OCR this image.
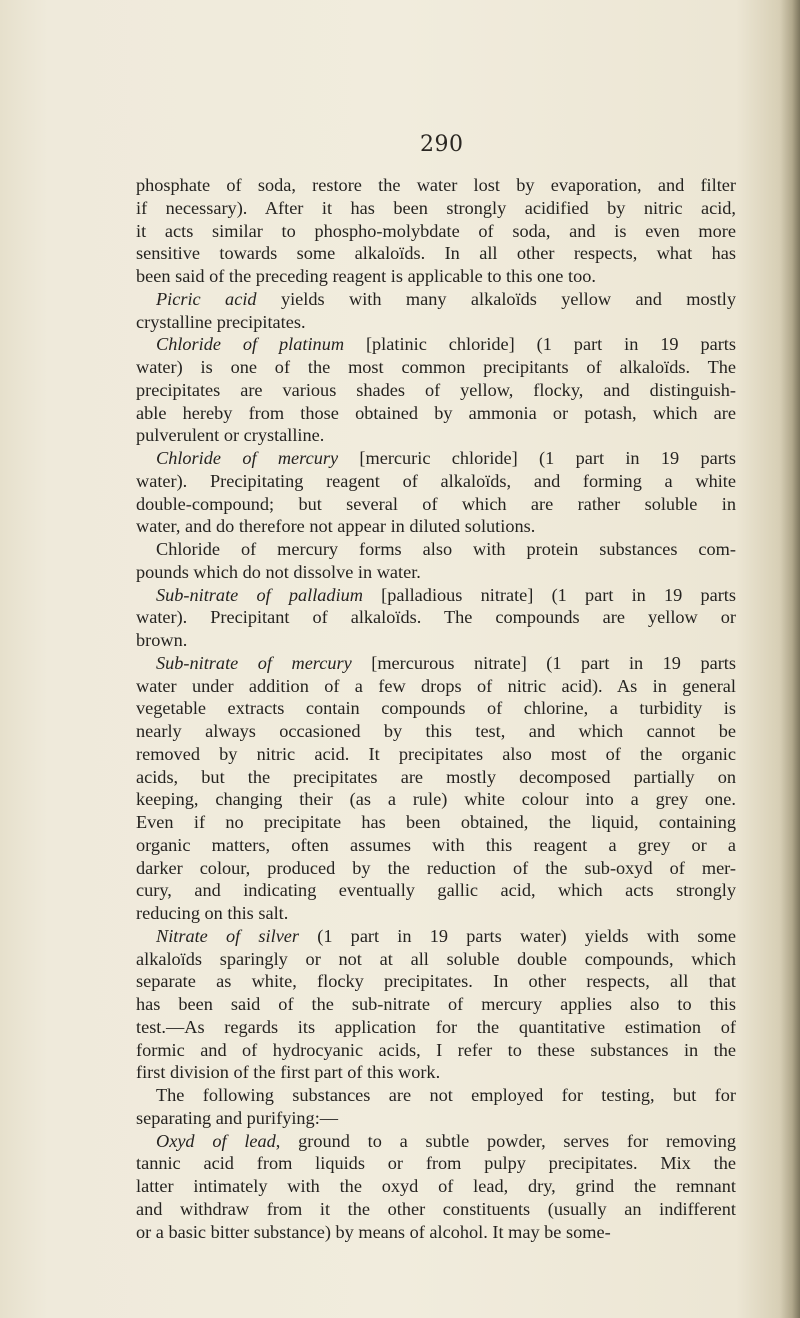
290
phosphate of soda, restore the water lost by evaporation, and filter
if necessary). After it has been strongly acidified by nitric acid,
it acts similar to phospho-molybdate of soda, and is even more
sensitive towards some alkaloïds. In all other respects, what has
been said of the preceding reagent is applicable to this one too.
Picric acid yields with many alkaloïds yellow and mostly
crystalline precipitates.
Chloride of platinum [platinic chloride] (1 part in 19 parts
water) is one of the most common precipitants of alkaloïds. The
precipitates are various shades of yellow, flocky, and distinguish-
able hereby from those obtained by ammonia or potash, which are
pulverulent or crystalline.
Chloride of mercury [mercuric chloride] (1 part in 19 parts
water). Precipitating reagent of alkaloïds, and forming a white
double-compound; but several of which are rather soluble in
water, and do therefore not appear in diluted solutions.
Chloride of mercury forms also with protein substances com-
pounds which do not dissolve in water.
Sub-nitrate of palladium [palladious nitrate] (1 part in 19 parts
water). Precipitant of alkaloïds. The compounds are yellow or
brown.
Sub-nitrate of mercury [mercurous nitrate] (1 part in 19 parts
water under addition of a few drops of nitric acid). As in general
vegetable extracts contain compounds of chlorine, a turbidity is
nearly always occasioned by this test, and which cannot be
removed by nitric acid. It precipitates also most of the organic
acids, but the precipitates are mostly decomposed partially on
keeping, changing their (as a rule) white colour into a grey one.
Even if no precipitate has been obtained, the liquid, containing
organic matters, often assumes with this reagent a grey or a
darker colour, produced by the reduction of the sub-oxyd of mer-
cury, and indicating eventually gallic acid, which acts strongly
reducing on this salt.
Nitrate of silver (1 part in 19 parts water) yields with some
alkaloïds sparingly or not at all soluble double compounds, which
separate as white, flocky precipitates. In other respects, all that
has been said of the sub-nitrate of mercury applies also to this
test.—As regards its application for the quantitative estimation of
formic and of hydrocyanic acids, I refer to these substances in the
first division of the first part of this work.
The following substances are not employed for testing, but for
separating and purifying:—
Oxyd of lead, ground to a subtle powder, serves for removing
tannic acid from liquids or from pulpy precipitates. Mix the
latter intimately with the oxyd of lead, dry, grind the remnant
and withdraw from it the other constituents (usually an indifferent
or a basic bitter substance) by means of alcohol. It may be some-
